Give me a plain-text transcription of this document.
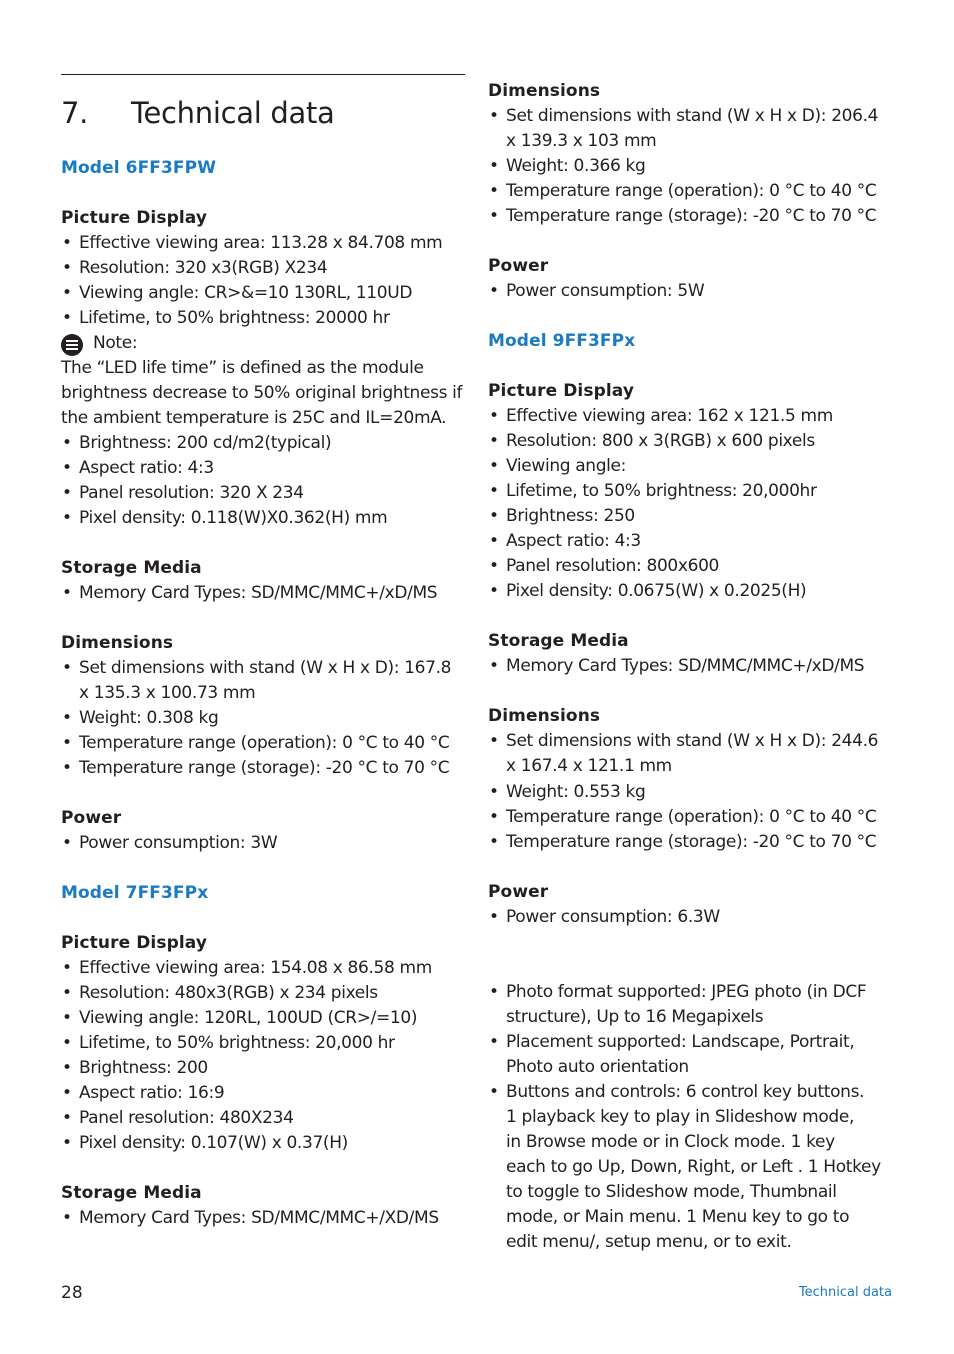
7. Technical data
Model 6FF3FPW
Picture Display
• Effective viewing area: 113.28 x 84.708 mm
• Resolution: 320 x3(RGB) X234
• Viewing angle: CR>&=10 130RL, 110UD
• Lifetime, to 50% brightness: 20000 hr
Note:
The “LED life time” is defined as the module
brightness decrease to 50% original brightness if
the ambient temperature is 25C and IL=20mA.
• Brightness: 200 cd/m2(typical)
• Aspect ratio: 4:3
• Panel resolution: 320 X 234
• Pixel density: 0.118(W)X0.362(H) mm
Storage Media
• Memory Card Types: SD/MMC/MMC+/xD/MS
Dimensions
• Set dimensions with stand (W x H x D): 167.8
x 135.3 x 100.73 mm
• Weight: 0.308 kg
• Temperature range (operation): 0 °C to 40 °C
• Temperature range (storage): -20 °C to 70 °C
Power
• Power consumption: 3W
Model 7FF3FPx
Picture Display
• Effective viewing area: 154.08 x 86.58 mm
• Resolution: 480x3(RGB) x 234 pixels
• Viewing angle: 120RL, 100UD (CR>/=10)
• Lifetime, to 50% brightness: 20,000 hr
• Brightness: 200
• Aspect ratio: 16:9
• Panel resolution: 480X234
• Pixel density: 0.107(W) x 0.37(H)
Storage Media
• Memory Card Types: SD/MMC/MMC+/XD/MS
Dimensions
• Set dimensions with stand (W x H x D): 206.4
x 139.3 x 103 mm
• Weight: 0.366 kg
• Temperature range (operation): 0 °C to 40 °C
• Temperature range (storage): -20 °C to 70 °C
Power
• Power consumption: 5W
Model 9FF3FPx
Picture Display
• Effective viewing area: 162 x 121.5 mm
• Resolution: 800 x 3(RGB) x 600 pixels
• Viewing angle:
• Lifetime, to 50% brightness: 20,000hr
• Brightness: 250
• Aspect ratio: 4:3
• Panel resolution: 800x600
• Pixel density: 0.0675(W) x 0.2025(H)
Storage Media
• Memory Card Types: SD/MMC/MMC+/xD/MS
Dimensions
• Set dimensions with stand (W x H x D): 244.6
x 167.4 x 121.1 mm
• Weight: 0.553 kg
• Temperature range (operation): 0 °C to 40 °C
• Temperature range (storage): -20 °C to 70 °C
Power
• Power consumption: 6.3W
• Photo format supported: JPEG photo (in DCF
structure), Up to 16 Megapixels
• Placement supported: Landscape, Portrait,
Photo auto orientation
• Buttons and controls: 6 control key buttons.
1 playback key to play in Slideshow mode,
in Browse mode or in Clock mode. 1 key
each to go Up, Down, Right, or Left . 1 Hotkey
to toggle to Slideshow mode, Thumbnail
mode, or Main menu. 1 Menu key to go to
edit menu/, setup menu, or to exit.
28	Technical data
